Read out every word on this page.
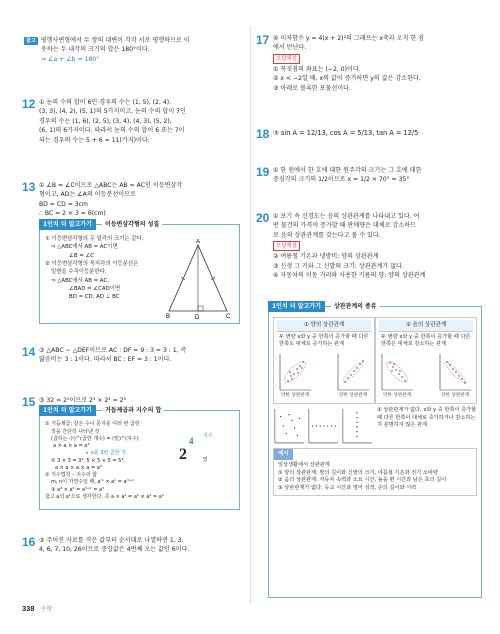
참고 평행사변형에서 두 쌍의 대변이 각각 서로 평행하므로 이
웃하는 두 내각의 크기의 합은 180°이다.
⇒ ∠a + ∠b = 180°
12 ① 눈의 수의 합이 6인 경우의 수는 (1, 5), (2, 4),
(3, 3), (4, 2), (5, 1)의 5가지이고, 눈의 수의 합이 7인
경우의 수는 (1, 6), (2, 5), (3, 4), (4, 3), (5, 2),
(6, 1)의 6가지이다. 따라서 눈의 수의 합이 6 또는 7이
되는 경우의 수는 5 + 6 = 11(가지)이다.
13 ① ∠B = ∠C이므로 △ABC는 AB = AC인 이등변삼각
형이고, AD는 ∠A의 이등분선이므로
BD = CD = 3cm
∴ BC = 2 × 3 = 6(cm)
1인치 더 알고가기	이등변삼각형의 성질
① 이등변삼각형의 두 밑각의 크기는 같다.
⇒ △ABC에서 AB = AC이면
∠B = ∠C
② 이등변삼각형의 꼭지각의 이등분선은
밑변을 수직이등분한다.
⇒ △ABC에서 AB = AC,
∠BAD = ∠CAD이면
BD = CD, AD ⊥ BC
A
B	C
D
14 ③ △ABC ∽ △DEF이므로 AC : DF = 9 : 3 = 3 : 1, 즉
닮음비는 3 : 1이다. 따라서 BC : EF = 3 : 1이다.
15 ③ 32 = 2⁵이므로 2³ × 2² = 2⁵
1인치 더 알고가기	거듭제곱과 지수의 합
① 거듭제곱: 같은 수나 문자를 여러 번 곱한
것을 간단히 나타낸 것
(곱하는 수)^(곱한 개수) = (밑)^(지수)
a × a × a = a³
↳ a를 3번 곱한 것
② 3 × 3 = 3², 5 × 5 × 5 = 5³,
a × a × a × a = a⁴
② 지수법칙 – 지수의 합
m, n이 자연수일 때, aᵐ × aⁿ = aᵐ⁺ⁿ
③ a³ × a² = a³⁺² = a⁵
참고 a의 a¹으로 생각한다. 즉 a × a² = a¹ × a² = a³
2
4 지수
밑
16 ③ 주어진 자료를 작은 값부터 순서대로 나열하면 1, 3,
4, 6, 7, 10, 26이므로 중앙값은 4번째 오는 값인 6이다.
17 ④ 이차함수 y = 4(x + 2)²의 그래프는 x축과 오직 한 점
에서 만난다.
오답해설
① 꼭짓점의 좌표는 (−2, 0)이다.
② x < −2일 때, x의 값이 증가하면 y의 값은 감소한다.
③ 아래로 볼록한 포물선이다.
18 ③ sin A = 12/13, cos A = 5/13, tan A = 12/5
19 ① 한 원에서 한 호에 대한 원주각의 크기는 그 호에 대한
중심각의 크기의 1/2이므로 x = 1/2 × 70° = 35°
20 ① 보기 속 신경도는 음의 상관관계를 나타내고 있다. 어
떤 물건의 가격이 증가할 때 판매량은 대체로 감소하므
로 음의 상관관계를 갖는다고 볼 수 있다.
오답해설
② 여름철 기온과 냉방비: 양의 상관관계
③ 신생 그 키와 그 신발의 크기: 상관관계가 없다.
④ 자동차의 이동 거리와 사용한 기름의 양: 양의 상관관계
1인치 더 알고가기	상관관계의 종류
① 양의 상관관계
두 변량 x와 y 중 한쪽의 증가할 때 다른 한쪽도 대체로 증가하는 관계
약한 상관관계	강한 상관관계
② 음의 상관관계
두 변량 x와 y 중 한쪽이 증가할 때 다른 한쪽은 대체로 감소하는 관계
약한 상관관계	강한 상관관계
③ 상관관계가 없다. x와 y 중 한쪽이 증가할 때 다른 한쪽이 대체로 증가하거나 감소하는지 분명하지 않은 관계
예시
일상생활에서 상관관계
① 양의 상관관계: 발의 길이와 신발의 크기, 여름철 기온과 전기 소비량
② 음의 상관관계: 자동차 속력과 소요 시간, 높을 편 시간과 남은 초의 길이
③ 상관관계가 없다: 등교 시간과 영어 성적, 손의 길이와 시력
338 수학
